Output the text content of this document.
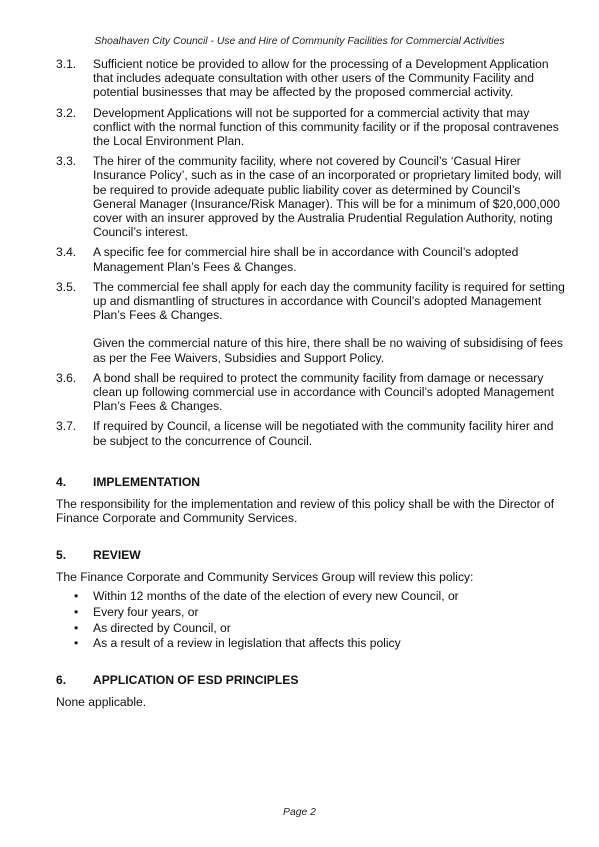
Shoalhaven City Council - Use and Hire of Community Facilities for Commercial Activities
3.1.	Sufficient notice be provided to allow for the processing of a Development Application that includes adequate consultation with other users of the Community Facility and potential businesses that may be affected by the proposed commercial activity.

3.2.	Development Applications will not be supported for a commercial activity that may conflict with the normal function of this community facility or if the proposal contravenes the Local Environment Plan.

3.3.	The hirer of the community facility, where not covered by Council’s ‘Casual Hirer Insurance Policy’, such as in the case of an incorporated or proprietary limited body, will be required to provide adequate public liability cover as determined by Council’s General Manager (Insurance/Risk Manager). This will be for a minimum of $20,000,000 cover with an insurer approved by the Australia Prudential Regulation Authority, noting Council’s interest.

3.4.	A specific fee for commercial hire shall be in accordance with Council’s adopted Management Plan’s Fees & Changes.

3.5.	The commercial fee shall apply for each day the community facility is required for setting up and dismantling of structures in accordance with Council’s adopted Management Plan’s Fees & Changes.

Given the commercial nature of this hire, there shall be no waiving of subsidising of fees as per the Fee Waivers, Subsidies and Support Policy.

3.6.	A bond shall be required to protect the community facility from damage or necessary clean up following commercial use in accordance with Council’s adopted Management Plan’s Fees & Changes.

3.7.	If required by Council, a license will be negotiated with the community facility hirer and be subject to the concurrence of Council.

4.	IMPLEMENTATION
The responsibility for the implementation and review of this policy shall be with the Director of Finance Corporate and Community Services.
5.	REVIEW
The Finance Corporate and Community Services Group will review this policy:
•	Within 12 months of the date of the election of every new Council, or
•	Every four years, or
•	As directed by Council, or
•	As a result of a review in legislation that affects this policy
6.	APPLICATION OF ESD PRINCIPLES
None applicable.
Page 2
